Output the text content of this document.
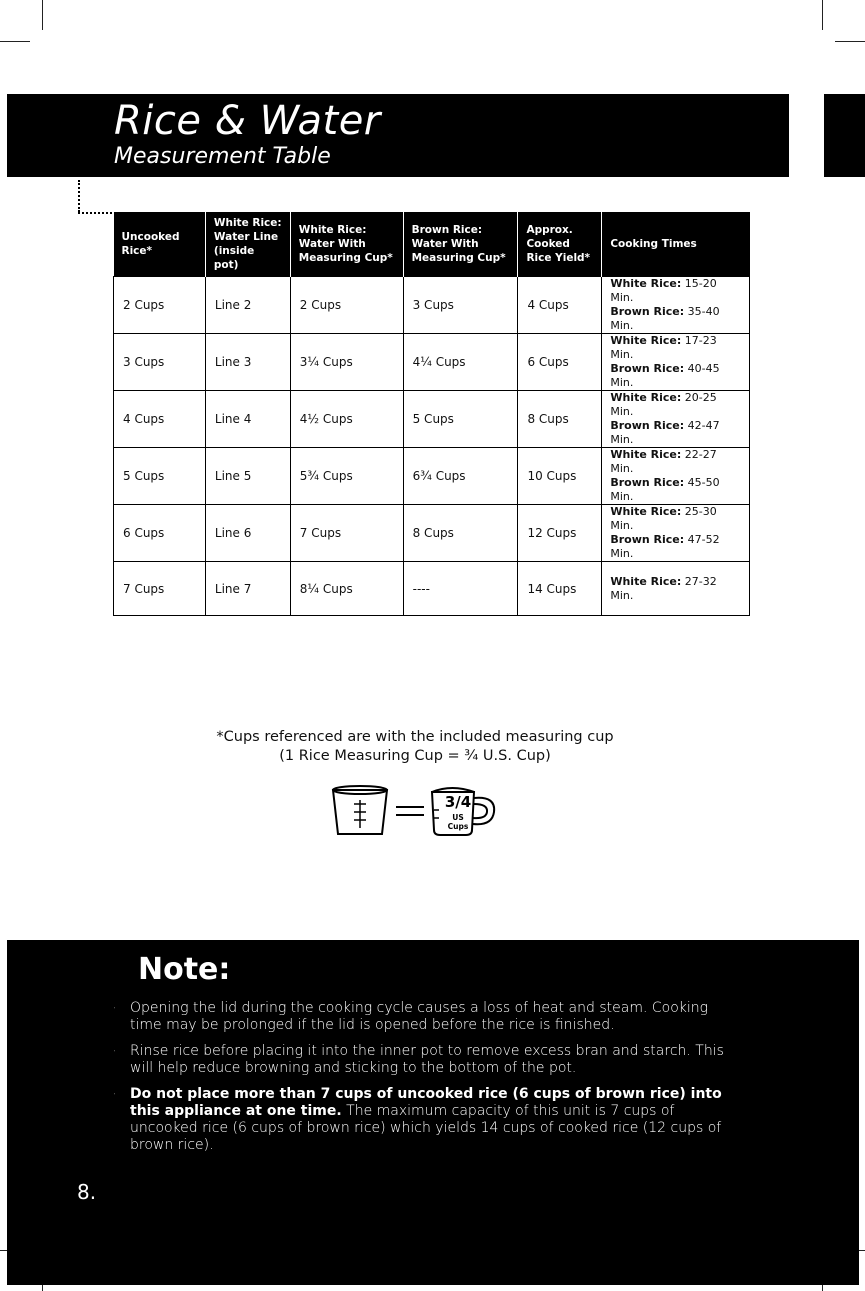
Rice & Water
Measurement Table
Uncooked Rice*	White Rice: Water Line (inside pot)	White Rice: Water With Measuring Cup*	Brown Rice: Water With Measuring Cup*	Approx. Cooked Rice Yield*	Cooking Times
2 Cups	Line 2	2 Cups	3 Cups	4 Cups	White Rice: 15-20 Min.
Brown Rice: 35-40 Min.

3 Cups	Line 3	3¼ Cups	4¼ Cups	6 Cups	White Rice: 17-23 Min.
Brown Rice: 40-45 Min.

4 Cups	Line 4	4½ Cups	5 Cups	8 Cups	White Rice: 20-25 Min.
Brown Rice: 42-47 Min.

5 Cups	Line 5	5¾ Cups	6¾ Cups	10 Cups	White Rice: 22-27 Min.
Brown Rice: 45-50 Min.

6 Cups	Line 6	7 Cups	8 Cups	12 Cups	White Rice: 25-30 Min.
Brown Rice: 47-52 Min.

7 Cups	Line 7	8¼ Cups	----	14 Cups	White Rice: 27-32 Min.
*Cups referenced are with the included measuring cup
(1 Rice Measuring Cup = ¾ U.S. Cup)
3/4
US
Cups
Note:
· Opening the lid during the cooking cycle causes a loss of heat and steam. Cooking time may be prolonged if the lid is opened before the rice is finished.
· Rinse rice before placing it into the inner pot to remove excess bran and starch. This will help reduce browning and sticking to the bottom of the pot.
· Do not place more than 7 cups of uncooked rice (6 cups of brown rice) into this appliance at one time. The maximum capacity of this unit is 7 cups of uncooked rice (6 cups of brown rice) which yields 14 cups of cooked rice (12 cups of brown rice).
8.
